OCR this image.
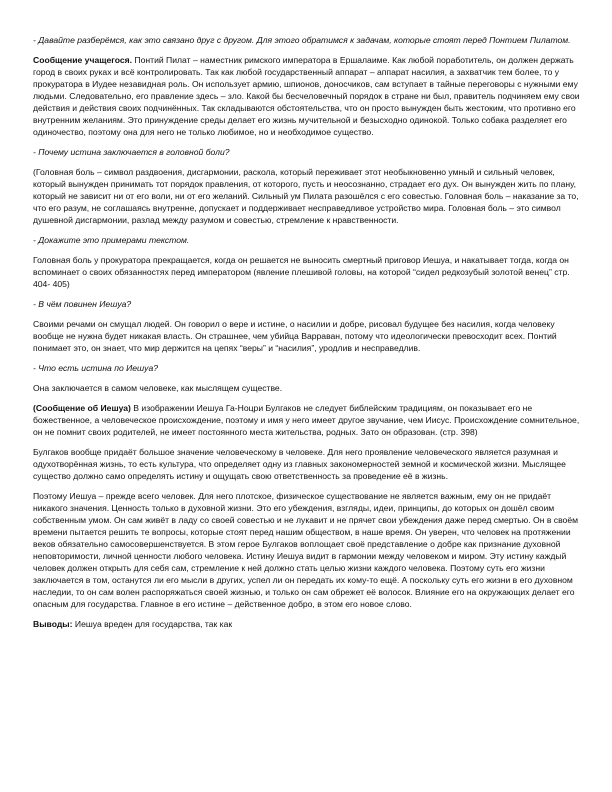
- Давайте разберёмся, как это связано друг с другом. Для этого обратимся к задачам, которые стоят перед Понтием Пилатом.

Сообщение учащегося. Понтий Пилат – наместник римского императора в Ершалаиме. Как любой поработитель, он должен держать город в своих руках и всё контролировать. Так как любой государственный аппарат – аппарат насилия, а захватчик тем более, то у прокуратора в Иудее незавидная роль. Он использует армию, шпионов, доносчиков, сам вступает в тайные переговоры с нужными ему людьми. Следовательно, его правление здесь – зло. Какой бы бесчеловечный порядок в стране ни был, правитель подчиняем ему свои действия и действия своих подчинённых. Так складываются обстоятельства, что он просто вынужден быть жестоким, что противно его внутренним желаниям. Это принуждение среды делает его жизнь мучительной и безысходно одинокой. Только собака разделяет его одиночество, поэтому она для него не только любимое, но и необходимое существо.

- Почему истина заключается в головной боли?

(Головная боль – символ раздвоения, дисгармонии, раскола, который переживает этот необыкновенно умный и сильный человек, который вынужден принимать тот порядок правления, от которого, пусть и неосознанно, страдает его дух. Он вынужден жить по плану, который не зависит ни от его воли, ни от его желаний. Сильный ум Пилата разошёлся с его совестью. Головная боль – наказание за то, что его разум, не соглашаясь внутренне, допускает и поддерживает несправедливое устройство мира. Головная боль – это символ душевной дисгармонии, разлад между разумом и совестью, стремление к нравственности.

- Докажите это примерами текстом.

Головная боль у прокуратора прекращается, когда он решается не выносить смертный приговор Иешуа, и накатывает тогда, когда он вспоминает о своих обязанностях перед императором (явление плешивой головы, на которой “сидел редкозубый золотой венец” стр. 404- 405)

- В чём повинен Иешуа?

Своими речами он смущал людей. Он говорил о вере и истине, о насилии и добре, рисовал будущее без насилия, когда человеку вообще не нужна будет никакая власть. Он страшнее, чем убийца Варраван, потому что идеологически превосходит всех. Понтий понимает это, он знает, что мир держится на цепях “веры” и “насилия”, уродлив и несправедлив.

- Что есть истина по Иешуа?

Она заключается в самом человеке, как мыслящем существе.

(Сообщение об Иешуа) В изображении Иешуа Га-Ноцри Булгаков не следует библейским традициям, он показывает его не божественное, а человеческое происхождение, поэтому и имя у него имеет другое звучание, чем Иисус. Происхождение сомнительное, он не помнит своих родителей, не имеет постоянного места жительства, родных. Зато он образован. (стр. 398)

Булгаков вообще придаёт большое значение человеческому в человеке. Для него проявление человеческого является разумная и одухотворённая жизнь, то есть культура, что определяет одну из главных закономерностей земной и космической жизни. Мыслящее существо должно само определять истину и ощущать свою ответственность за проведение её в жизнь.

Поэтому Иешуа – прежде всего человек. Для него плотское, физическое существование не является важным, ему он не придаёт никакого значения. Ценность только в духовной жизни. Это его убеждения, взгляды, идеи, принципы, до которых он дошёл своим собственным умом. Он сам живёт в ладу со своей совестью и не лукавит и не прячет свои убеждения даже перед смертью. Он в своём времени пытается решить те вопросы, которые стоят перед нашим обществом, в наше время. Он уверен, что человек на протяжении веков обязательно самосовершенствуется. В этом герое Булгаков воплощает своё представление о добре как признание духовной неповторимости, личной ценности любого человека. Истину Иешуа видит в гармонии между человеком и миром. Эту истину каждый человек должен открыть для себя сам, стремление к ней должно стать целью жизни каждого человека. Поэтому суть его жизни заключается в том, останутся ли его мысли в других, успел ли он передать их кому-то ещё. А поскольку суть его жизни в его духовном наследии, то он сам волен распоряжаться своей жизнью, и только он сам обрежет её волосок. Влияние его на окружающих делает его опасным для государства. Главное в его истине – действенное добро, в этом его новое слово.

Выводы: Иешуа вреден для государства, так как
